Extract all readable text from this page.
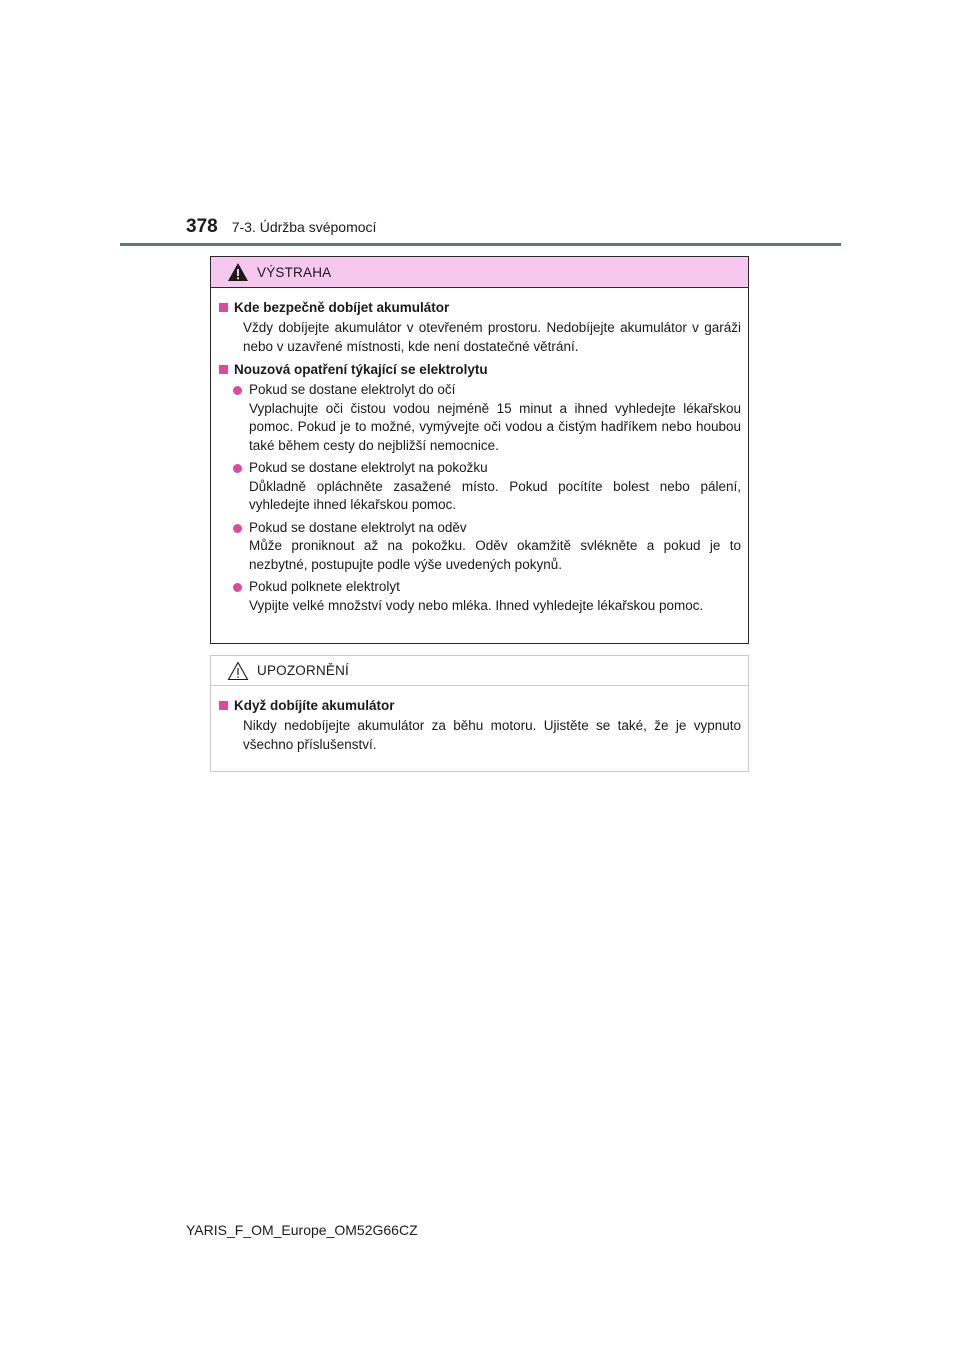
378 7-3. Údržba svépomocí
VÝSTRAHA
Kde bezpečně dobíjet akumulátor
Vždy dobíjejte akumulátor v otevřeném prostoru. Nedobíjejte akumulátor v garáži nebo v uzavřené místnosti, kde není dostatečné větrání.
Nouzová opatření týkající se elektrolytu
Pokud se dostane elektrolyt do očí
Vyplachujte oči čistou vodou nejméně 15 minut a ihned vyhledejte lékařskou pomoc. Pokud je to možné, vymývejte oči vodou a čistým hadříkem nebo houbou také během cesty do nejbližší nemocnice.
Pokud se dostane elektrolyt na pokožku
Důkladně opláchněte zasažené místo. Pokud pocítíte bolest nebo pálení, vyhledejte ihned lékařskou pomoc.
Pokud se dostane elektrolyt na oděv
Může proniknout až na pokožku. Oděv okamžitě svlékněte a pokud je to nezbytné, postupujte podle výše uvedených pokynů.
Pokud polknete elektrolyt
Vypijte velké množství vody nebo mléka. Ihned vyhledejte lékařskou pomoc.
UPOZORNĚNÍ
Když dobíjíte akumulátor
Nikdy nedobíjejte akumulátor za běhu motoru. Ujistěte se také, že je vypnuto všechno příslušenství.
YARIS_F_OM_Europe_OM52G66CZ
